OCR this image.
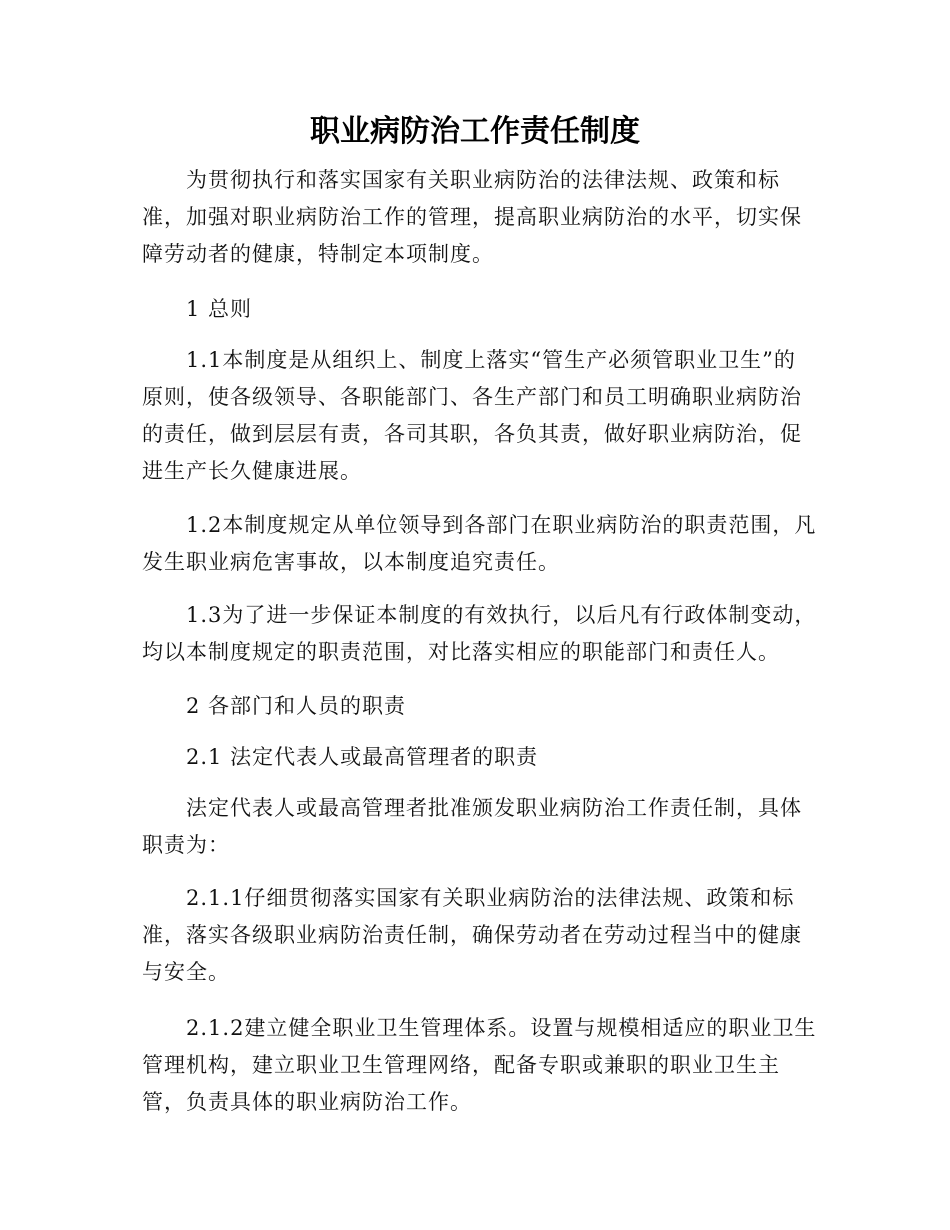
职业病防治工作责任制度
为贯彻执行和落实国家有关职业病防治的法律法规、政策和标
准，加强对职业病防治工作的管理，提高职业病防治的水平，切实保
障劳动者的健康，特制定本项制度。
1 总则
1.1本制度是从组织上、制度上落实“管生产必须管职业卫生”的
原则，使各级领导、各职能部门、各生产部门和员工明确职业病防治
的责任，做到层层有责，各司其职，各负其责，做好职业病防治，促
进生产长久健康进展。
1.2本制度规定从单位领导到各部门在职业病防治的职责范围，凡
发生职业病危害事故，以本制度追究责任。
1.3为了进一步保证本制度的有效执行，以后凡有行政体制变动，
均以本制度规定的职责范围，对比落实相应的职能部门和责任人。
2 各部门和人员的职责
2.1 法定代表人或最高管理者的职责
法定代表人或最高管理者批准颁发职业病防治工作责任制，具体
职责为：
2.1.1仔细贯彻落实国家有关职业病防治的法律法规、政策和标
准，落实各级职业病防治责任制，确保劳动者在劳动过程当中的健康
与安全。
2.1.2建立健全职业卫生管理体系。设置与规模相适应的职业卫生
管理机构，建立职业卫生管理网络，配备专职或兼职的职业卫生主
管，负责具体的职业病防治工作。
